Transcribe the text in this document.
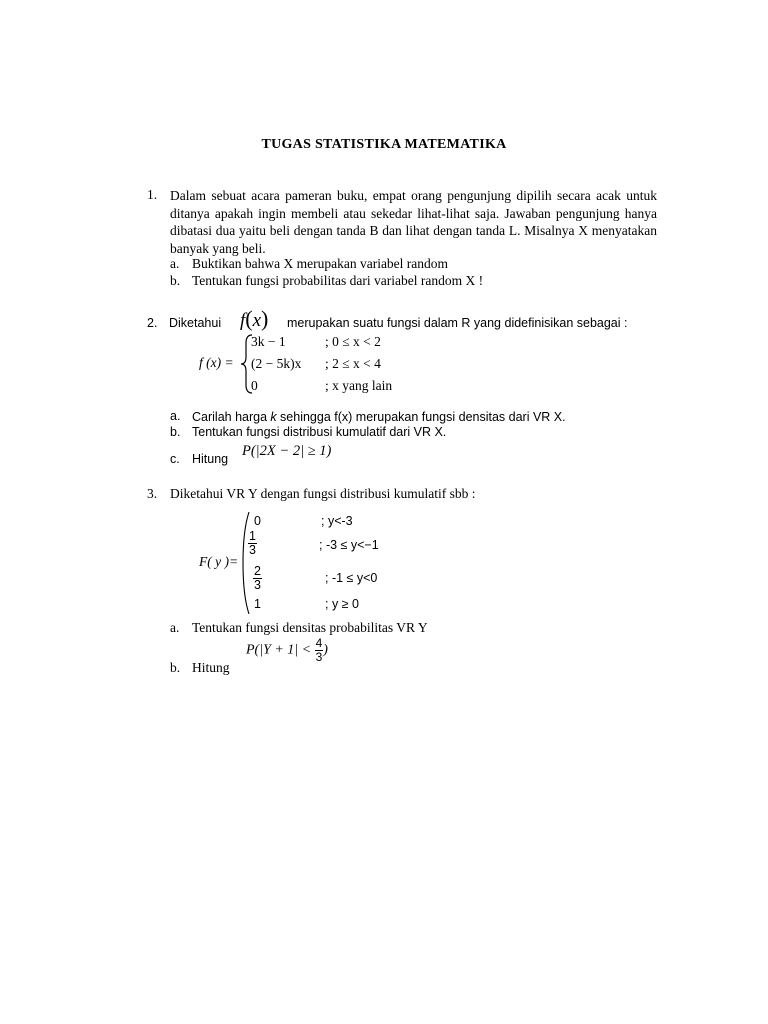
TUGAS STATISTIKA MATEMATIKA
1. Dalam sebuat acara pameran buku, empat orang pengunjung dipilih secara acak untuk ditanya apakah ingin membeli atau sekedar lihat-lihat saja. Jawaban pengunjung hanya dibatasi dua yaitu beli dengan tanda B dan lihat dengan tanda L. Misalnya X menyatakan banyak yang beli.
a. Buktikan bahwa X merupakan variabel random
b. Tentukan fungsi probabilitas dari variabel random X !
2. Diketahui f(x) merupakan suatu fungsi dalam R yang didefinisikan sebagai :
f (x) =
3k − 1	; 0 ≤ x < 2
(2 − 5k)x ; 2 ≤ x < 4
0	; x yang lain
a. Carilah harga k sehingga f(x) merupakan fungsi densitas dari VR X.
b. Tentukan fungsi distribusi kumulatif dari VR X.
c. Hitung P(|2X − 2| ≥ 1)
3. Diketahui VR Y dengan fungsi distribusi kumulatif sbb :
F( y )=
0	; y<-3
$\frac{1}{3}$	; -3 ≤ y<−1
$\frac{2}{3}$	; -1 ≤ y<0
1	; y ≥ 0
a. Tentukan fungsi densitas probabilitas VR Y
b. Hitung
$P(|Y + 1| < \frac{4}{3}$ )
